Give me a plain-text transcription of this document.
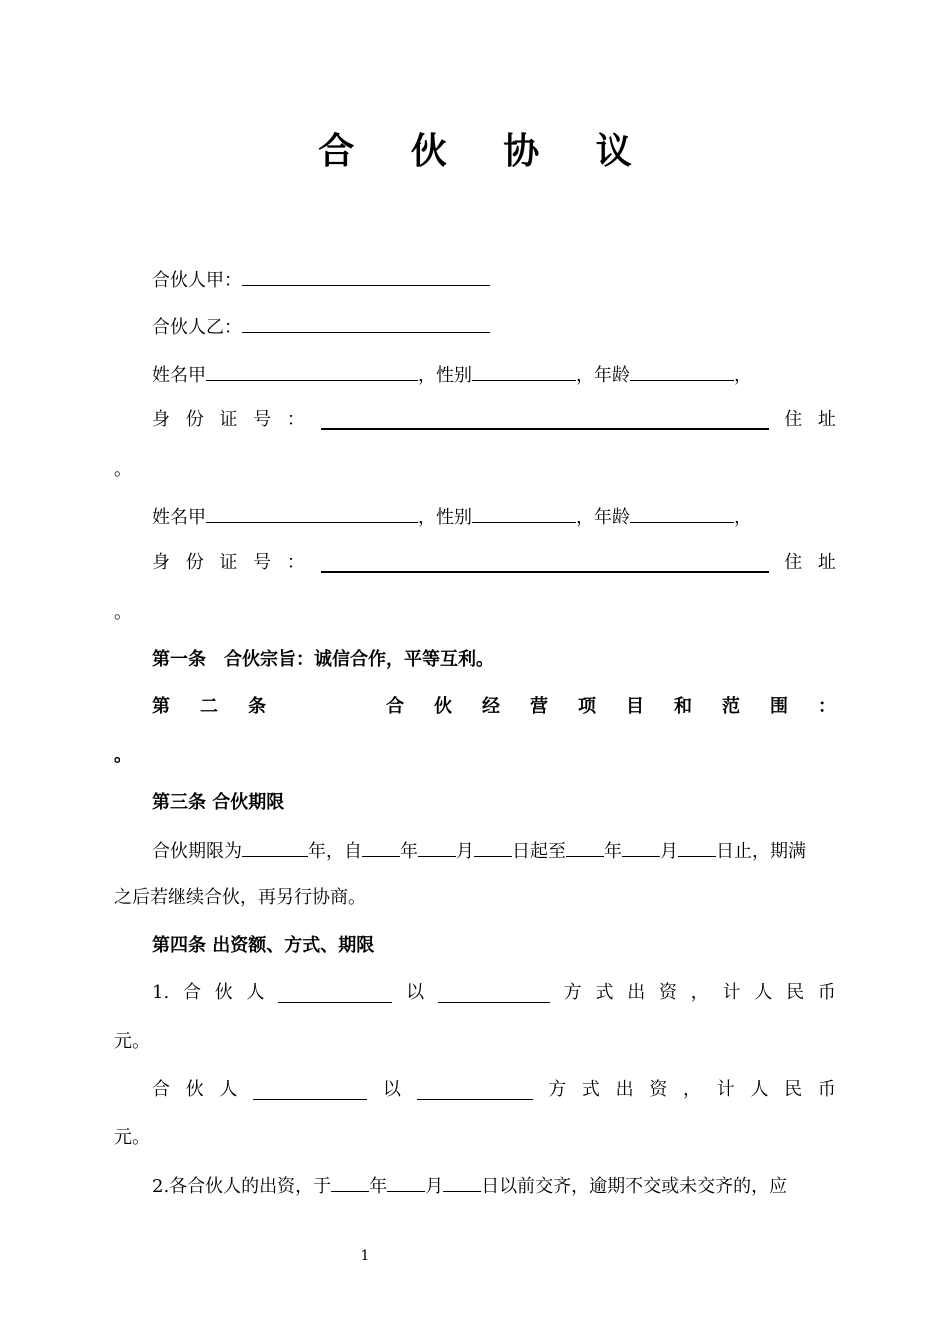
合 伙 协 议
合伙人甲：
合伙人乙：
姓名甲	，性别	，年龄	，
身 份 证 号 ：	住 址
。
姓名甲	，性别	，年龄	，
身 份 证 号 ：	住 址
。
第一条　合伙宗旨：诚信合作，平等互利。
第 二 条	合 伙 经 营 项 目 和 范 围 ：
。
第三条 合伙期限
合伙期限为	年，自 年 月 日起至 年 月 日止，期满
之后若继续合伙，再另行协商。
第四条 出资额、方式、期限
1. 合 伙 人	以	方 式 出 资 ， 计 人 民 币
元。
合 伙 人	以	方 式 出 资 ， 计 人 民 币
元。
2.各合伙人的出资，于 年 月 日以前交齐，逾期不交或未交齐的，应
1
